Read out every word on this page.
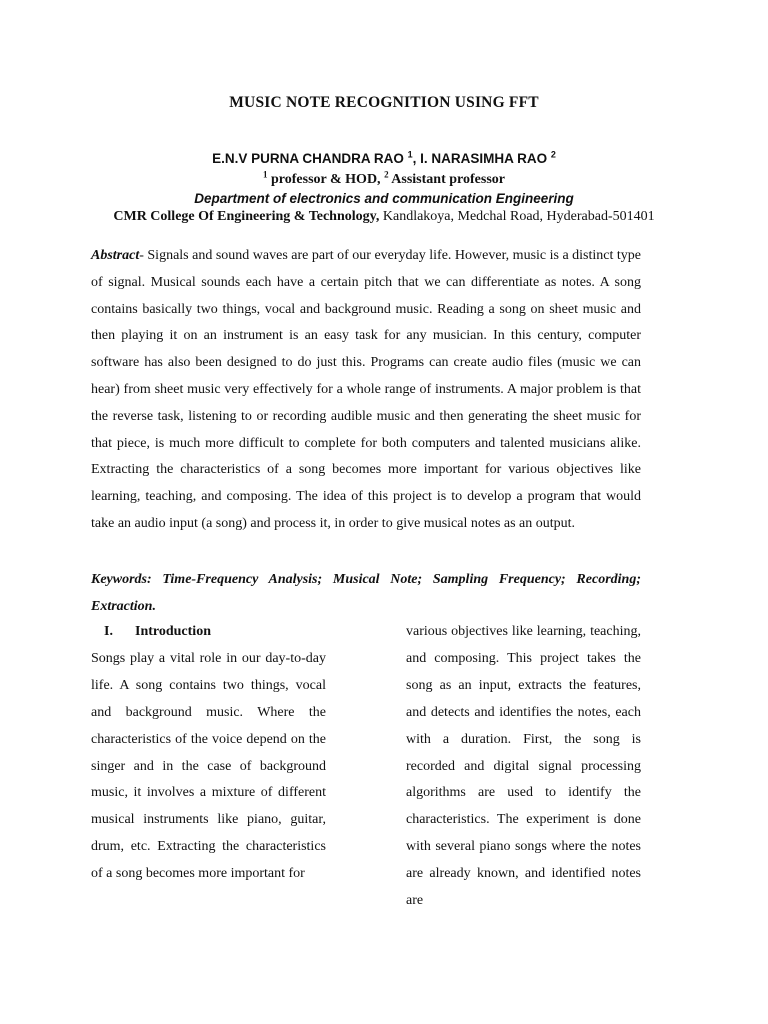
MUSIC NOTE RECOGNITION USING FFT
E.N.V PURNA CHANDRA RAO $^1$, I. NARASIMHA RAO $^2$
$^1$ professor & HOD, $^2$ Assistant professor
Department of electronics and communication Engineering
CMR College Of Engineering & Technology, Kandlakoya, Medchal Road, Hyderabad-501401
Abstract- Signals and sound waves are part of our everyday life. However, music is a distinct type of signal. Musical sounds each have a certain pitch that we can differentiate as notes. A song contains basically two things, vocal and background music. Reading a song on sheet music and then playing it on an instrument is an easy task for any musician. In this century, computer software has also been designed to do just this. Programs can create audio files (music we can hear) from sheet music very effectively for a whole range of instruments. A major problem is that the reverse task, listening to or recording audible music and then generating the sheet music for that piece, is much more difficult to complete for both computers and talented musicians alike. Extracting the characteristics of a song becomes more important for various objectives like learning, teaching, and composing. The idea of this project is to develop a program that would take an audio input (a song) and process it, in order to give musical notes as an output.
Keywords: Time-Frequency Analysis; Musical Note; Sampling Frequency; Recording; Extraction.
I. Introduction
Songs play a vital role in our day-to-day life. A song contains two things, vocal and background music. Where the characteristics of the voice depend on the singer and in the case of background music, it involves a mixture of different musical instruments like piano, guitar, drum, etc. Extracting the characteristics of a song becomes more important for
various objectives like learning, teaching, and composing. This project takes the song as an input, extracts the features, and detects and identifies the notes, each with a duration. First, the song is recorded and digital signal processing algorithms are used to identify the characteristics. The experiment is done with several piano songs where the notes are already known, and identified notes are
